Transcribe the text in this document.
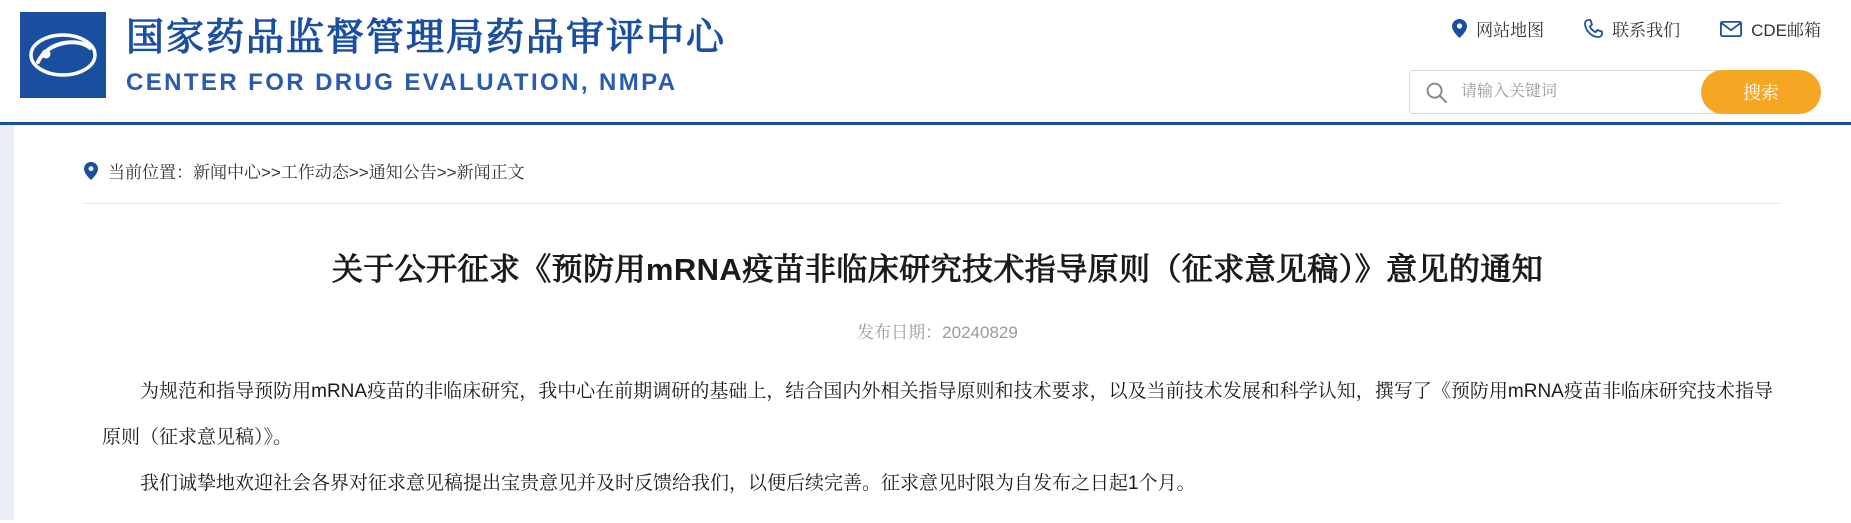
国家药品监督管理局药品审评中心
CENTER FOR DRUG EVALUATION, NMPA
网站地图	联系我们	CDE邮箱
请输入关键词
搜索
当前位置：新闻中心>>工作动态>>通知公告>>新闻正文
关于公开征求《预防用mRNA疫苗非临床研究技术指导原则（征求意见稿）》意见的通知
发布日期：20240829

为规范和指导预防用mRNA疫苗的非临床研究，我中心在前期调研的基础上，结合国内外相关指导原则和技术要求，以及当前技术发展和科学认知，撰写了《预防用mRNA疫苗非临床研究技术指导原则（征求意见稿）》。

我们诚挚地欢迎社会各界对征求意见稿提出宝贵意见并及时反馈给我们，以便后续完善。征求意见时限为自发布之日起1个月。
